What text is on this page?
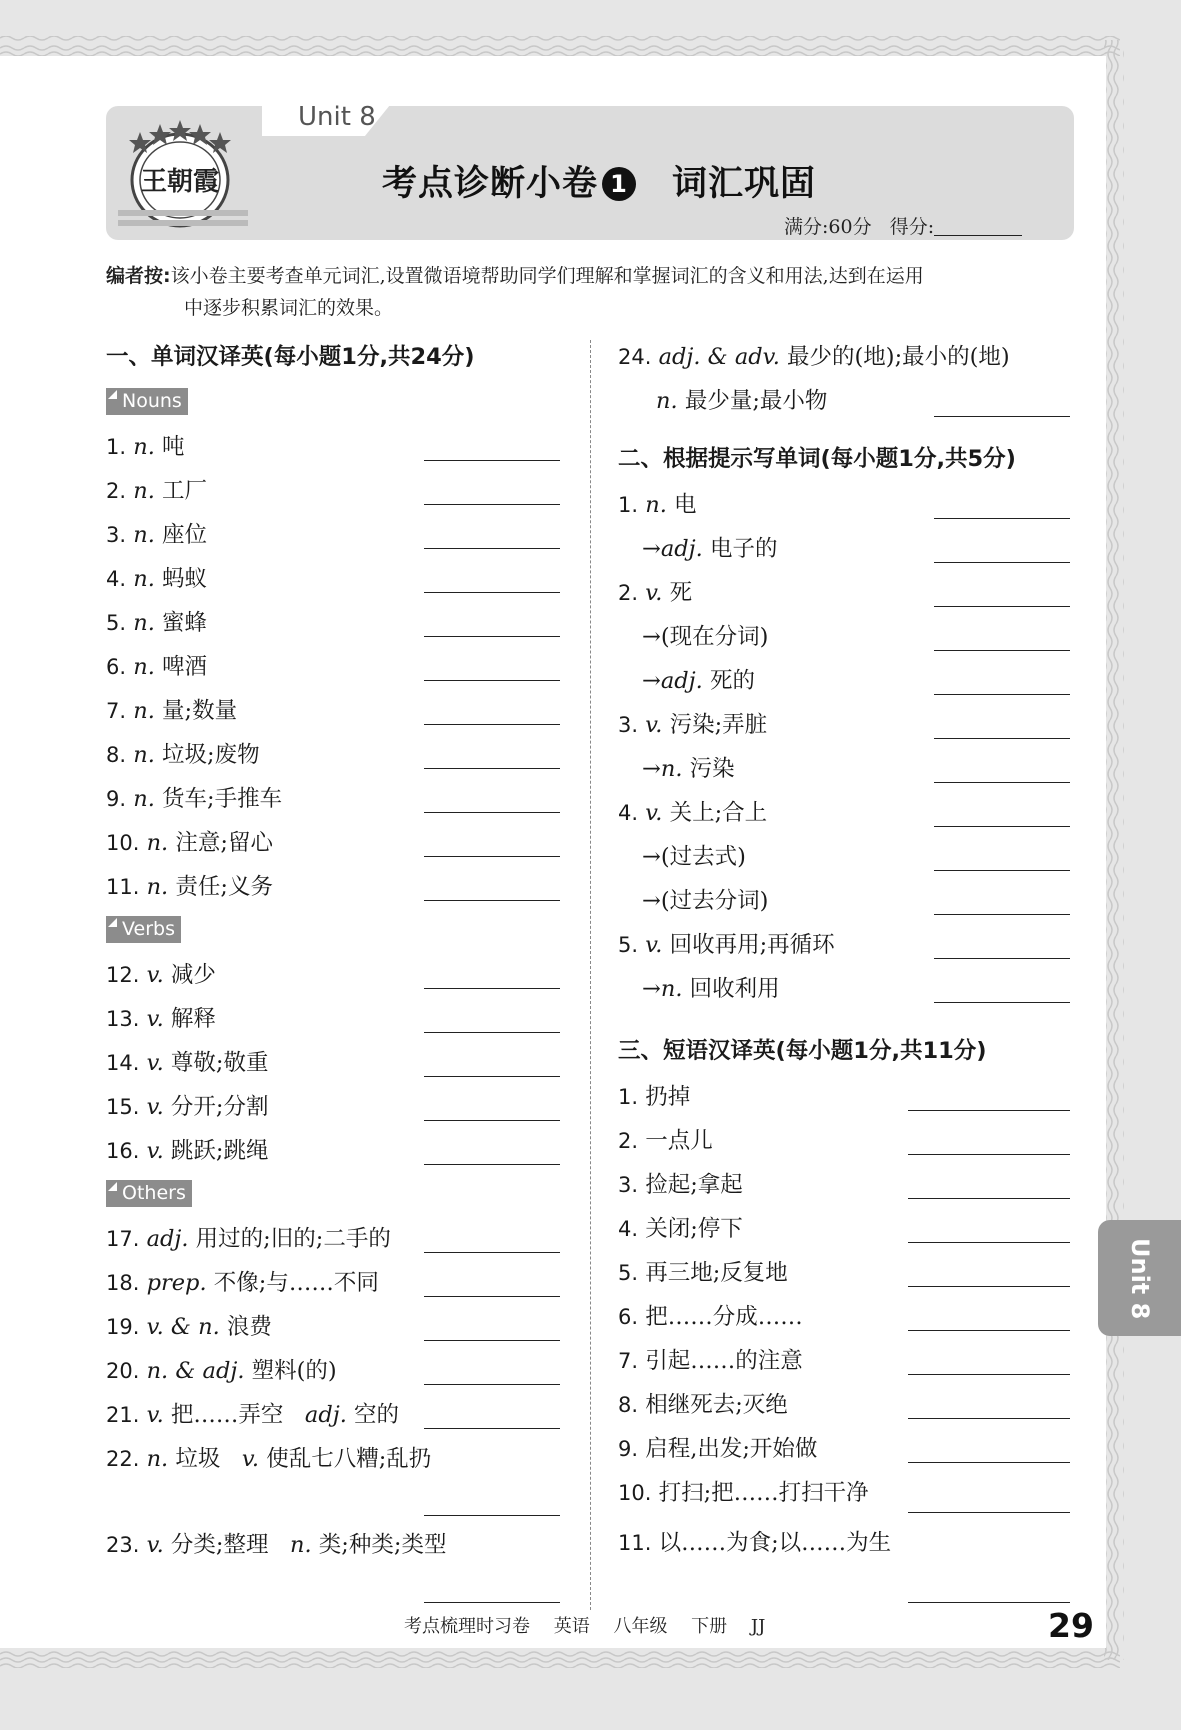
王朝霞
Unit 8
考点诊断小卷 1 词汇巩固
满分:60分 得分:
编者按:该小卷主要考查单元词汇,设置微语境帮助同学们理解和掌握词汇的含义和用法,达到在运用
中逐步积累词汇的效果。
一、单词汉译英(每小题1分,共24分)
Nouns
1. n. 吨
2. n. 工厂
3. n. 座位
4. n. 蚂蚁
5. n. 蜜蜂
6. n. 啤酒
7. n. 量;数量
8. n. 垃圾;废物
9. n. 货车;手推车
10. n. 注意;留心
11. n. 责任;义务
Verbs
12. v. 减少
13. v. 解释
14. v. 尊敬;敬重
15. v. 分开;分割
16. v. 跳跃;跳绳
Others
17. adj. 用过的;旧的;二手的
18. prep. 不像;与……不同
19. v. & n. 浪费
20. n. & adj. 塑料(的)
21. v. 把……弄空 adj. 空的
22. n. 垃圾 v. 使乱七八糟;乱扔
23. v. 分类;整理 n. 类;种类;类型
24. adj. & adv. 最少的(地);最小的(地)
n. 最少量;最小物
二、根据提示写单词(每小题1分,共5分)
1. n. 电
→adj. 电子的
2. v. 死
→(现在分词)
→adj. 死的
3. v. 污染;弄脏
→n. 污染
4. v. 关上;合上
→(过去式)
→(过去分词)
5. v. 回收再用;再循环
→n. 回收利用
三、短语汉译英(每小题1分,共11分)
1. 扔掉
2. 一点儿
3. 捡起;拿起
4. 关闭;停下
5. 再三地;反复地
6. 把……分成……
7. 引起……的注意
8. 相继死去;灭绝
9. 启程,出发;开始做
10. 打扫;把……打扫干净
11. 以……为食;以……为生
Unit 8
考点梳理时习卷 英语 八年级 下册 JJ	29
